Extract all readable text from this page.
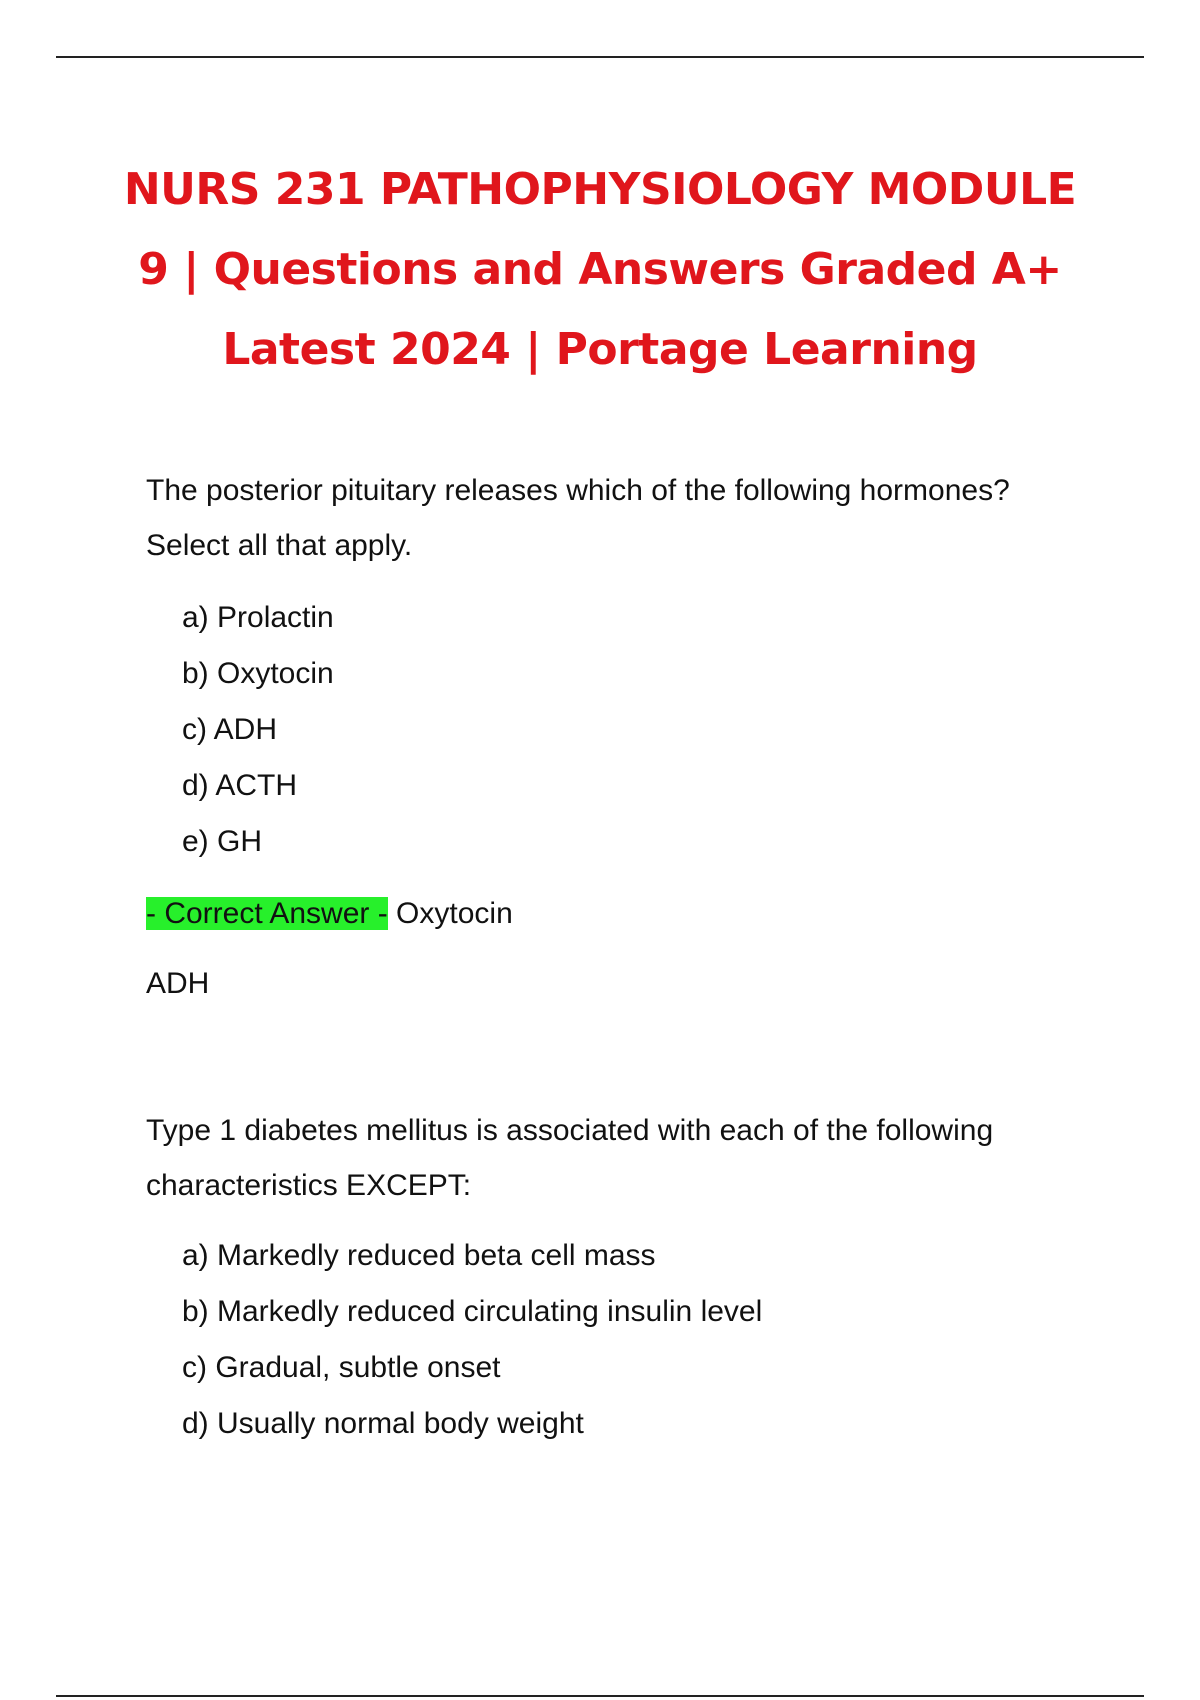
NURS 231 PATHOPHYSIOLOGY MODULE
9 | Questions and Answers Graded A+
Latest 2024 | Portage Learning

The posterior pituitary releases which of the following hormones?
Select all that apply.

a) Prolactin
b) Oxytocin
c) ADH
d) ACTH
e) GH
- Correct Answer - Oxytocin
ADH

Type 1 diabetes mellitus is associated with each of the following
characteristics EXCEPT:

a) Markedly reduced beta cell mass
b) Markedly reduced circulating insulin level
c) Gradual, subtle onset
d) Usually normal body weight
